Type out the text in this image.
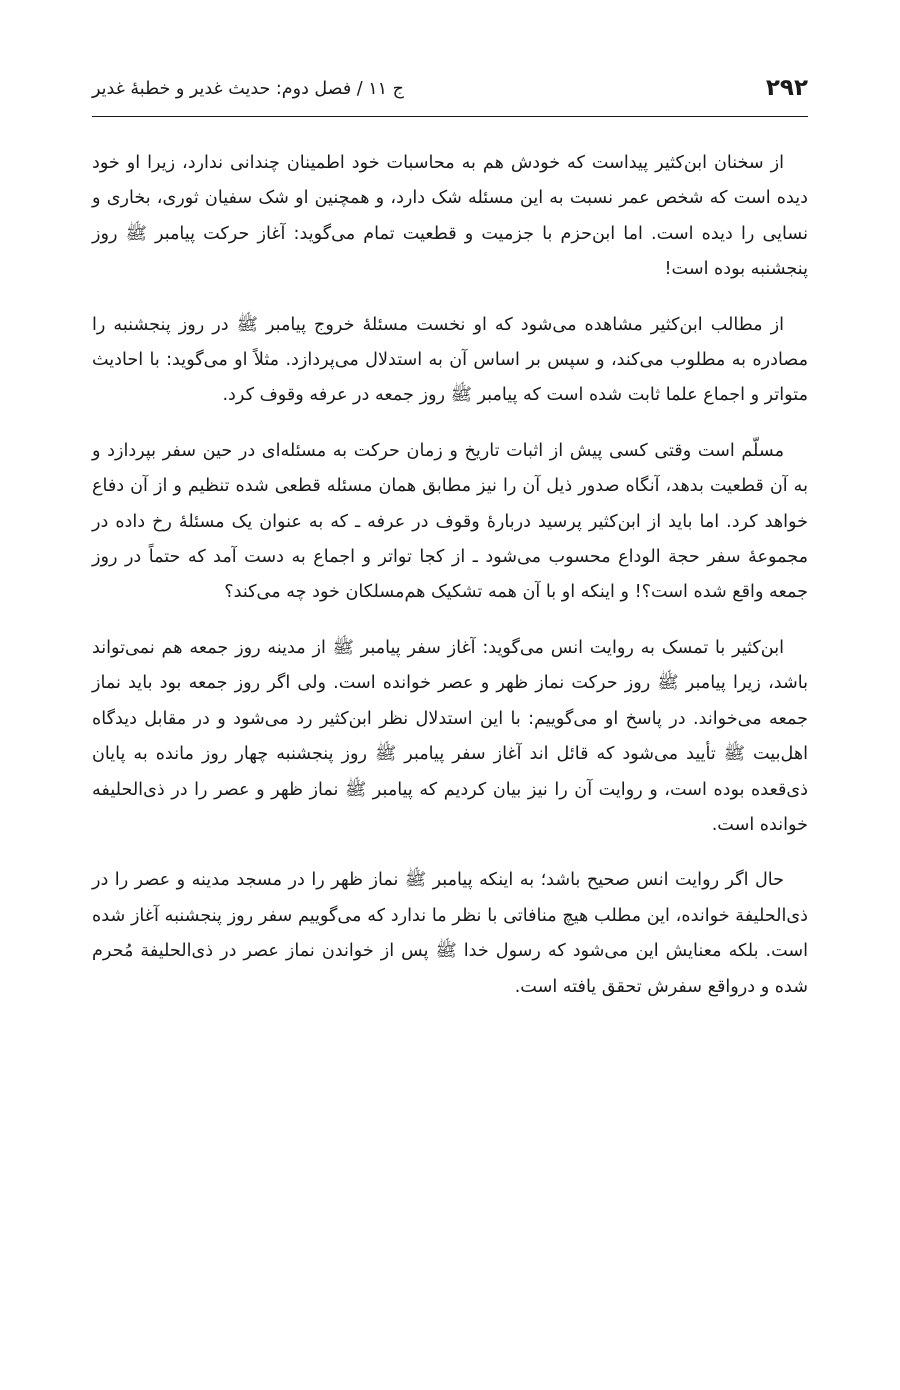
۲۹۲
ج ۱۱ / فصل دوم: حدیث غدیر و خطبهٔ غدیر

از سخنان ابن‌کثیر پیداست که خودش هم به محاسبات خود اطمینان چندانی ندارد، زیرا او خود دیده است که شخص عمر نسبت به این مسئله شک دارد، و همچنین او شک سفیان ثوری، بخاری و نسایی را دیده است. اما ابن‌حزم با جزمیت و قطعیت تمام می‌گوید: آغاز حرکت پیامبر ﷺ روز پنجشنبه بوده است!

از مطالب ابن‌کثیر مشاهده می‌شود که او نخست مسئلهٔ خروج پیامبر ﷺ در روز پنجشنبه را مصادره به مطلوب می‌کند، و سپس بر اساس آن به استدلال می‌پردازد. مثلاً او می‌گوید: با احادیث متواتر و اجماع علما ثابت شده است که پیامبر ﷺ روز جمعه در عرفه وقوف کرد.

مسلّم است وقتی کسی پیش از اثبات تاریخ و زمان حرکت به مسئله‌ای در حین سفر بپردازد و به آن قطعیت بدهد، آنگاه صدور ذیل آن را نیز مطابق همان مسئله قطعی شده تنظیم و از آن دفاع خواهد کرد. اما باید از ابن‌کثیر پرسید دربارهٔ وقوف در عرفه ـ که به عنوان یک مسئلهٔ رخ داده در مجموعهٔ سفر حجة الوداع محسوب می‌شود ـ از کجا تواتر و اجماع به دست آمد که حتماً در روز جمعه واقع شده است؟! و اینکه او با آن همه تشکیک هم‌مسلکان خود چه می‌کند؟

ابن‌کثیر با تمسک به روایت انس می‌گوید: آغاز سفر پیامبر ﷺ از مدینه روز جمعه هم نمی‌تواند باشد، زیرا پیامبر ﷺ روز حرکت نماز ظهر و عصر خوانده است. ولی اگر روز جمعه بود باید نماز جمعه می‌خواند. در پاسخ او می‌گوییم: با این استدلال نظر ابن‌کثیر رد می‌شود و در مقابل دیدگاه اهل‌بیت ﷺ تأیید می‌شود که قائل اند آغاز سفر پیامبر ﷺ روز پنجشنبه چهار روز مانده به پایان ذی‌قعده بوده است، و روایت آن را نیز بیان کردیم که پیامبر ﷺ نماز ظهر و عصر را در ذی‌الحلیفه خوانده است.

حال اگر روایت انس صحیح باشد؛ به اینکه پیامبر ﷺ نماز ظهر را در مسجد مدینه و عصر را در ذی‌الحلیفة خوانده، این مطلب هیچ منافاتی با نظر ما ندارد که می‌گوییم سفر روز پنجشنبه آغاز شده است. بلکه معنایش این می‌شود که رسول خدا ﷺ پس از خواندن نماز عصر در ذی‌الحلیفة مُحرم شده و درواقع سفرش تحقق یافته است.
